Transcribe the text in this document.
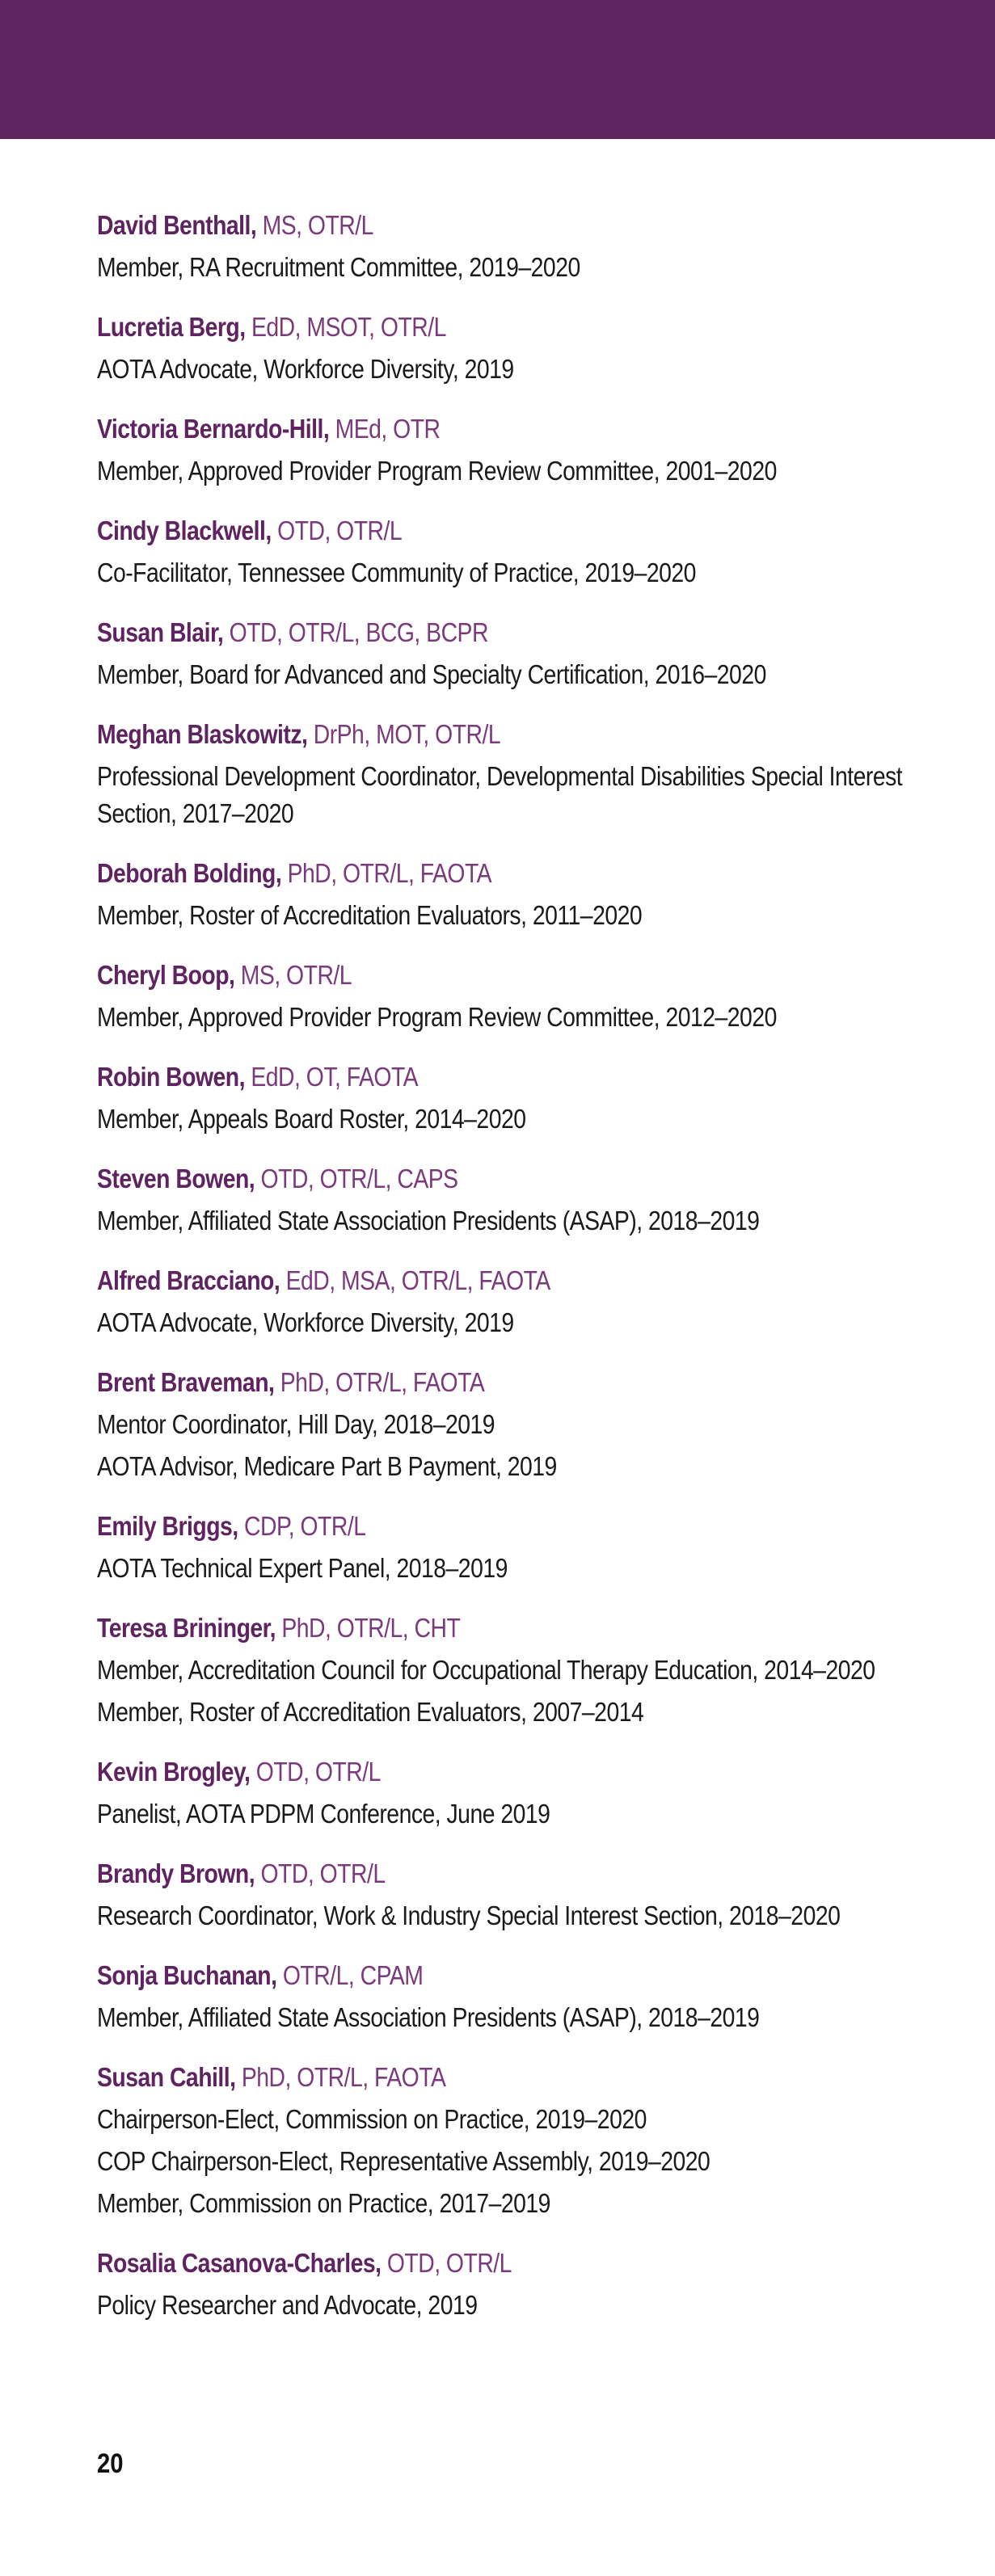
David Benthall, MS, OTR/L
Member, RA Recruitment Committee, 2019–2020
Lucretia Berg, EdD, MSOT, OTR/L
AOTA Advocate, Workforce Diversity, 2019
Victoria Bernardo-Hill, MEd, OTR
Member, Approved Provider Program Review Committee, 2001–2020
Cindy Blackwell, OTD, OTR/L
Co-Facilitator, Tennessee Community of Practice, 2019–2020
Susan Blair, OTD, OTR/L, BCG, BCPR
Member, Board for Advanced and Specialty Certification, 2016–2020
Meghan Blaskowitz, DrPh, MOT, OTR/L
Professional Development Coordinator, Developmental Disabilities Special Interest Section, 2017–2020
Deborah Bolding, PhD, OTR/L, FAOTA
Member, Roster of Accreditation Evaluators, 2011–2020
Cheryl Boop, MS, OTR/L
Member, Approved Provider Program Review Committee, 2012–2020
Robin Bowen, EdD, OT, FAOTA
Member, Appeals Board Roster, 2014–2020
Steven Bowen, OTD, OTR/L, CAPS
Member, Affiliated State Association Presidents (ASAP), 2018–2019
Alfred Bracciano, EdD, MSA, OTR/L, FAOTA
AOTA Advocate, Workforce Diversity, 2019
Brent Braveman, PhD, OTR/L, FAOTA
Mentor Coordinator, Hill Day, 2018–2019
AOTA Advisor, Medicare Part B Payment, 2019
Emily Briggs, CDP, OTR/L
AOTA Technical Expert Panel, 2018–2019
Teresa Brininger, PhD, OTR/L, CHT
Member, Accreditation Council for Occupational Therapy Education, 2014–2020
Member, Roster of Accreditation Evaluators, 2007–2014
Kevin Brogley, OTD, OTR/L
Panelist, AOTA PDPM Conference, June 2019
Brandy Brown, OTD, OTR/L
Research Coordinator, Work & Industry Special Interest Section, 2018–2020
Sonja Buchanan, OTR/L, CPAM
Member, Affiliated State Association Presidents (ASAP), 2018–2019
Susan Cahill, PhD, OTR/L, FAOTA
Chairperson-Elect, Commission on Practice, 2019–2020
COP Chairperson-Elect, Representative Assembly, 2019–2020
Member, Commission on Practice, 2017–2019
Rosalia Casanova-Charles, OTD, OTR/L
Policy Researcher and Advocate, 2019
20
